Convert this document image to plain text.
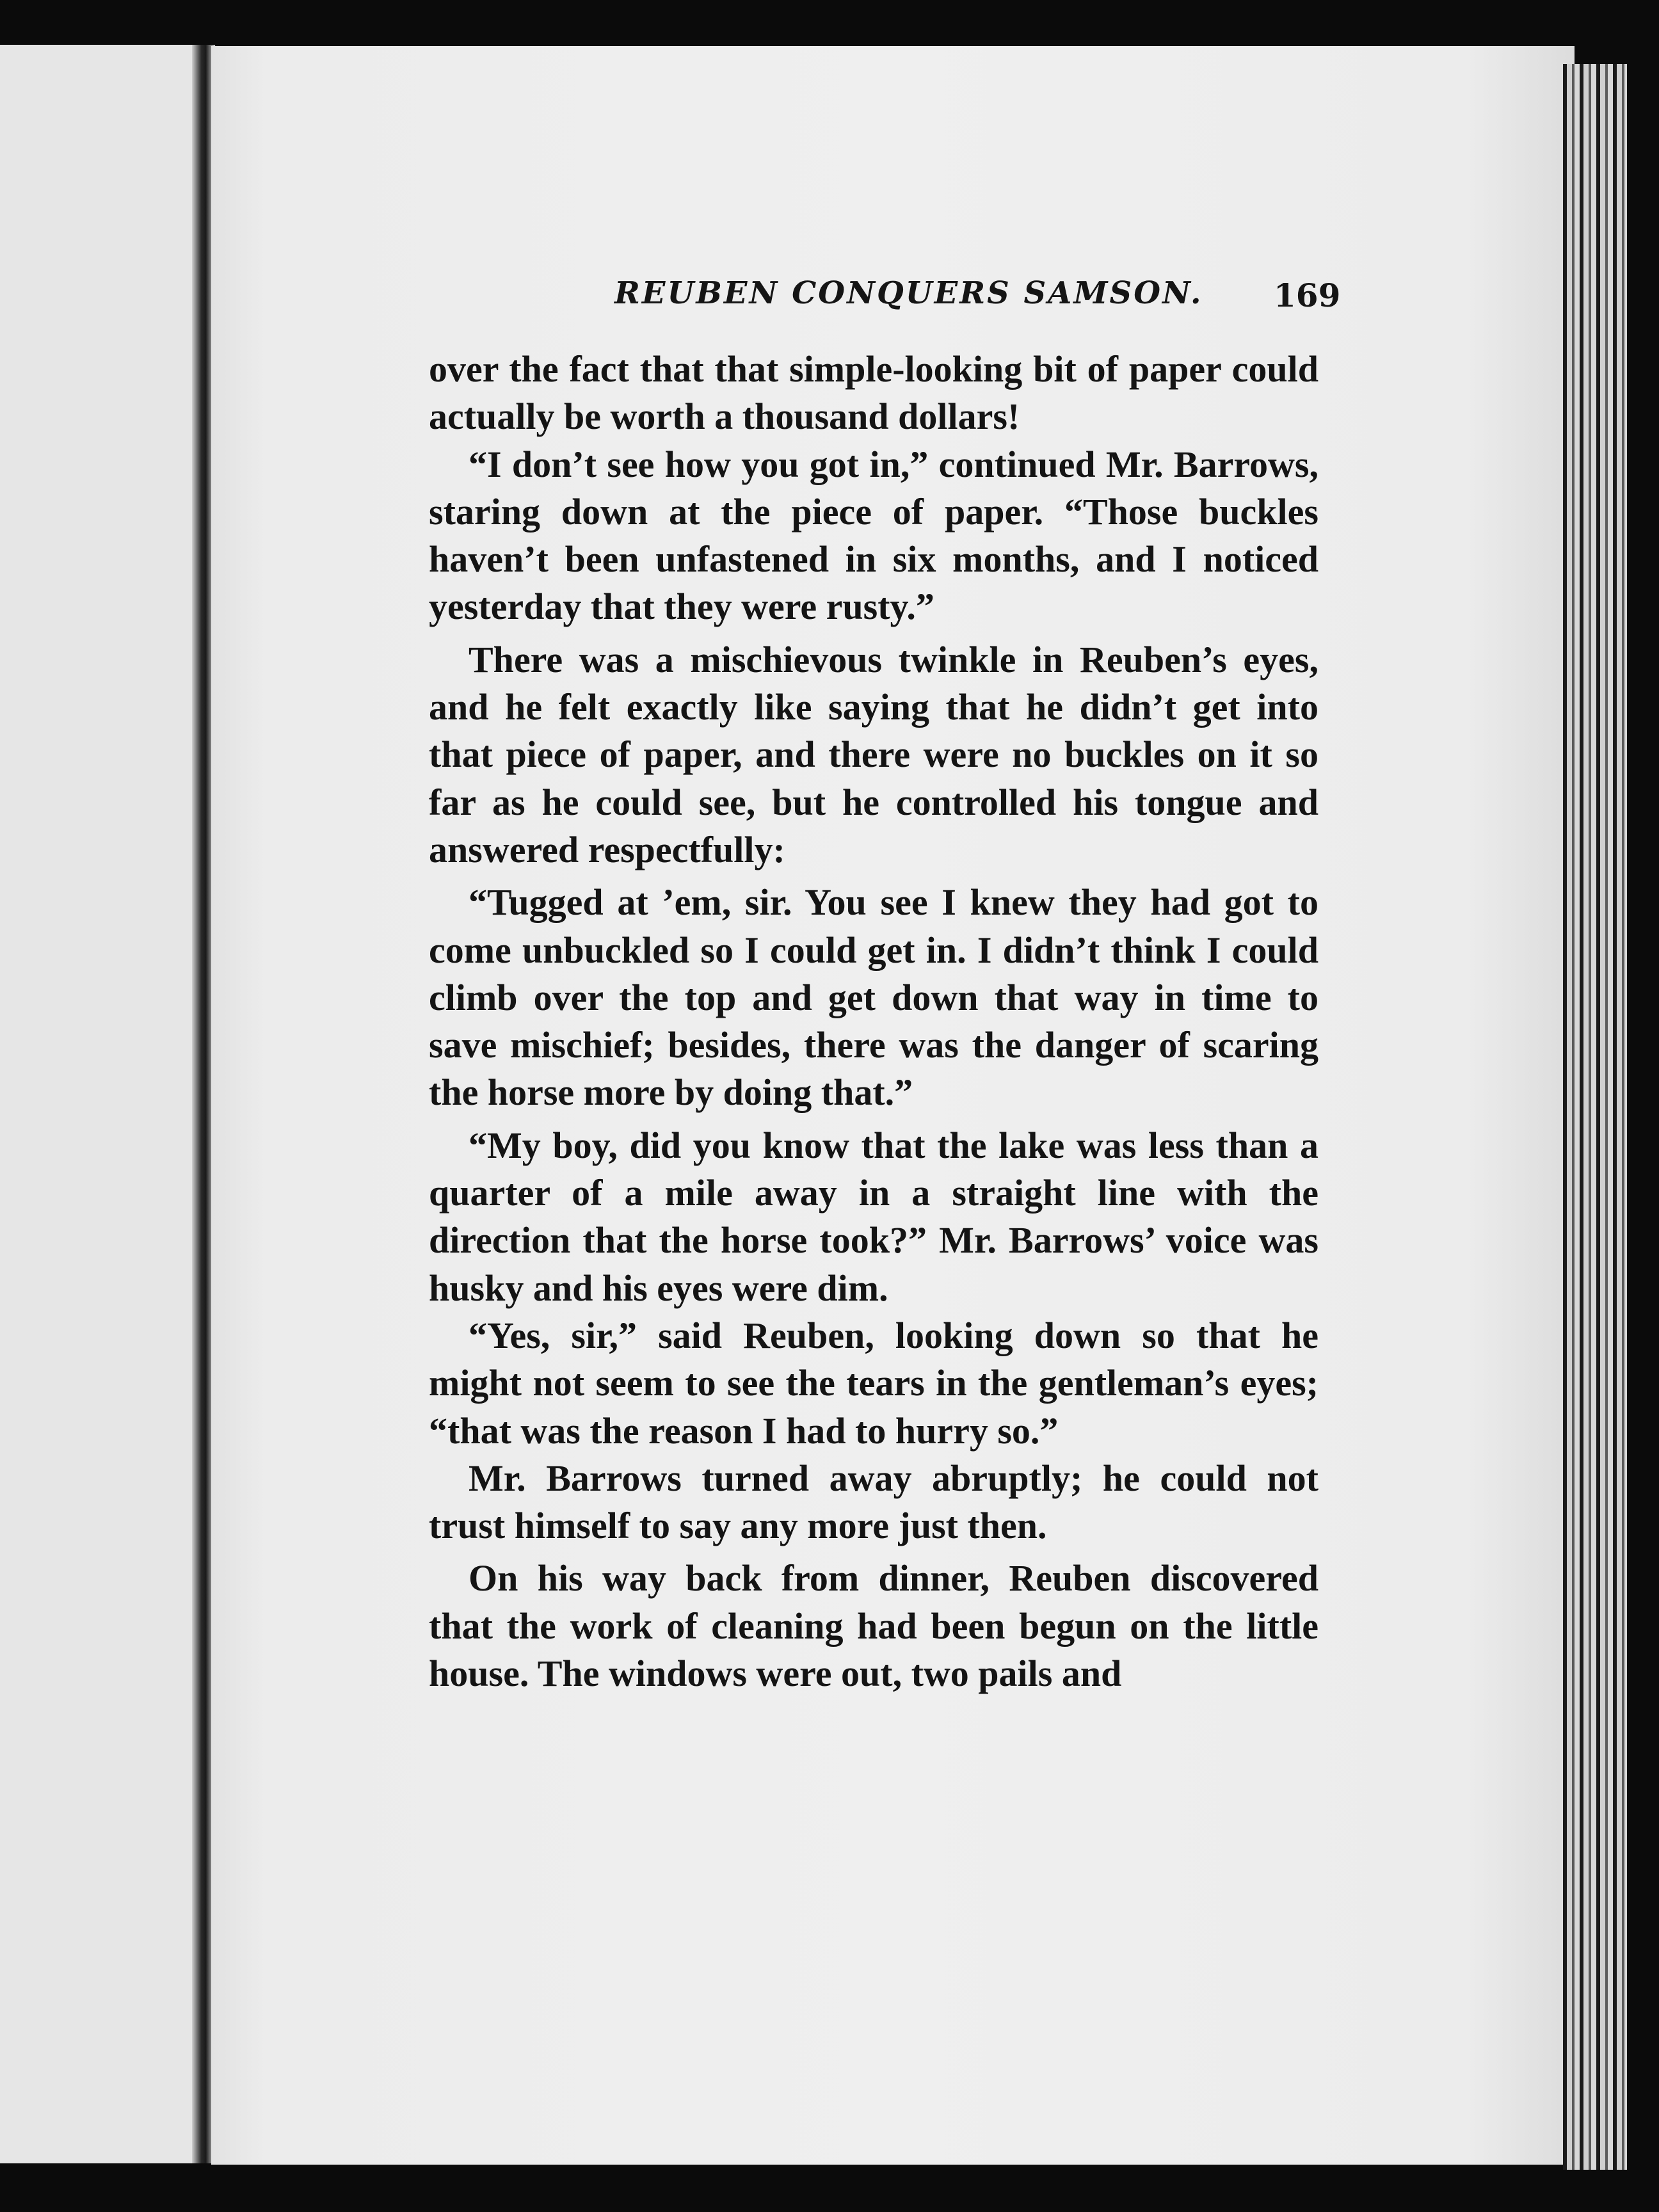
REUBEN CONQUERS SAMSON. 169

over the fact that that simple-looking bit of paper could actually be worth a thousand dollars!

“I don’t see how you got in,” continued Mr. Barrows, staring down at the piece of paper. “Those buckles haven’t been unfastened in six months, and I noticed yesterday that they were rusty.”

There was a mischievous twinkle in Reuben’s eyes, and he felt exactly like saying that he didn’t get into that piece of paper, and there were no buckles on it so far as he could see, but he controlled his tongue and answered respectfully:

“Tugged at ’em, sir. You see I knew they had got to come unbuckled so I could get in. I didn’t think I could climb over the top and get down that way in time to save mischief; besides, there was the danger of scaring the horse more by doing that.”

“My boy, did you know that the lake was less than a quarter of a mile away in a straight line with the direction that the horse took?” Mr. Barrows’ voice was husky and his eyes were dim.

“Yes, sir,” said Reuben, looking down so that he might not seem to see the tears in the gentleman’s eyes; “that was the reason I had to hurry so.”

Mr. Barrows turned away abruptly; he could not trust himself to say any more just then.

On his way back from dinner, Reuben discovered that the work of cleaning had been begun on the little house. The windows were out, two pails and
